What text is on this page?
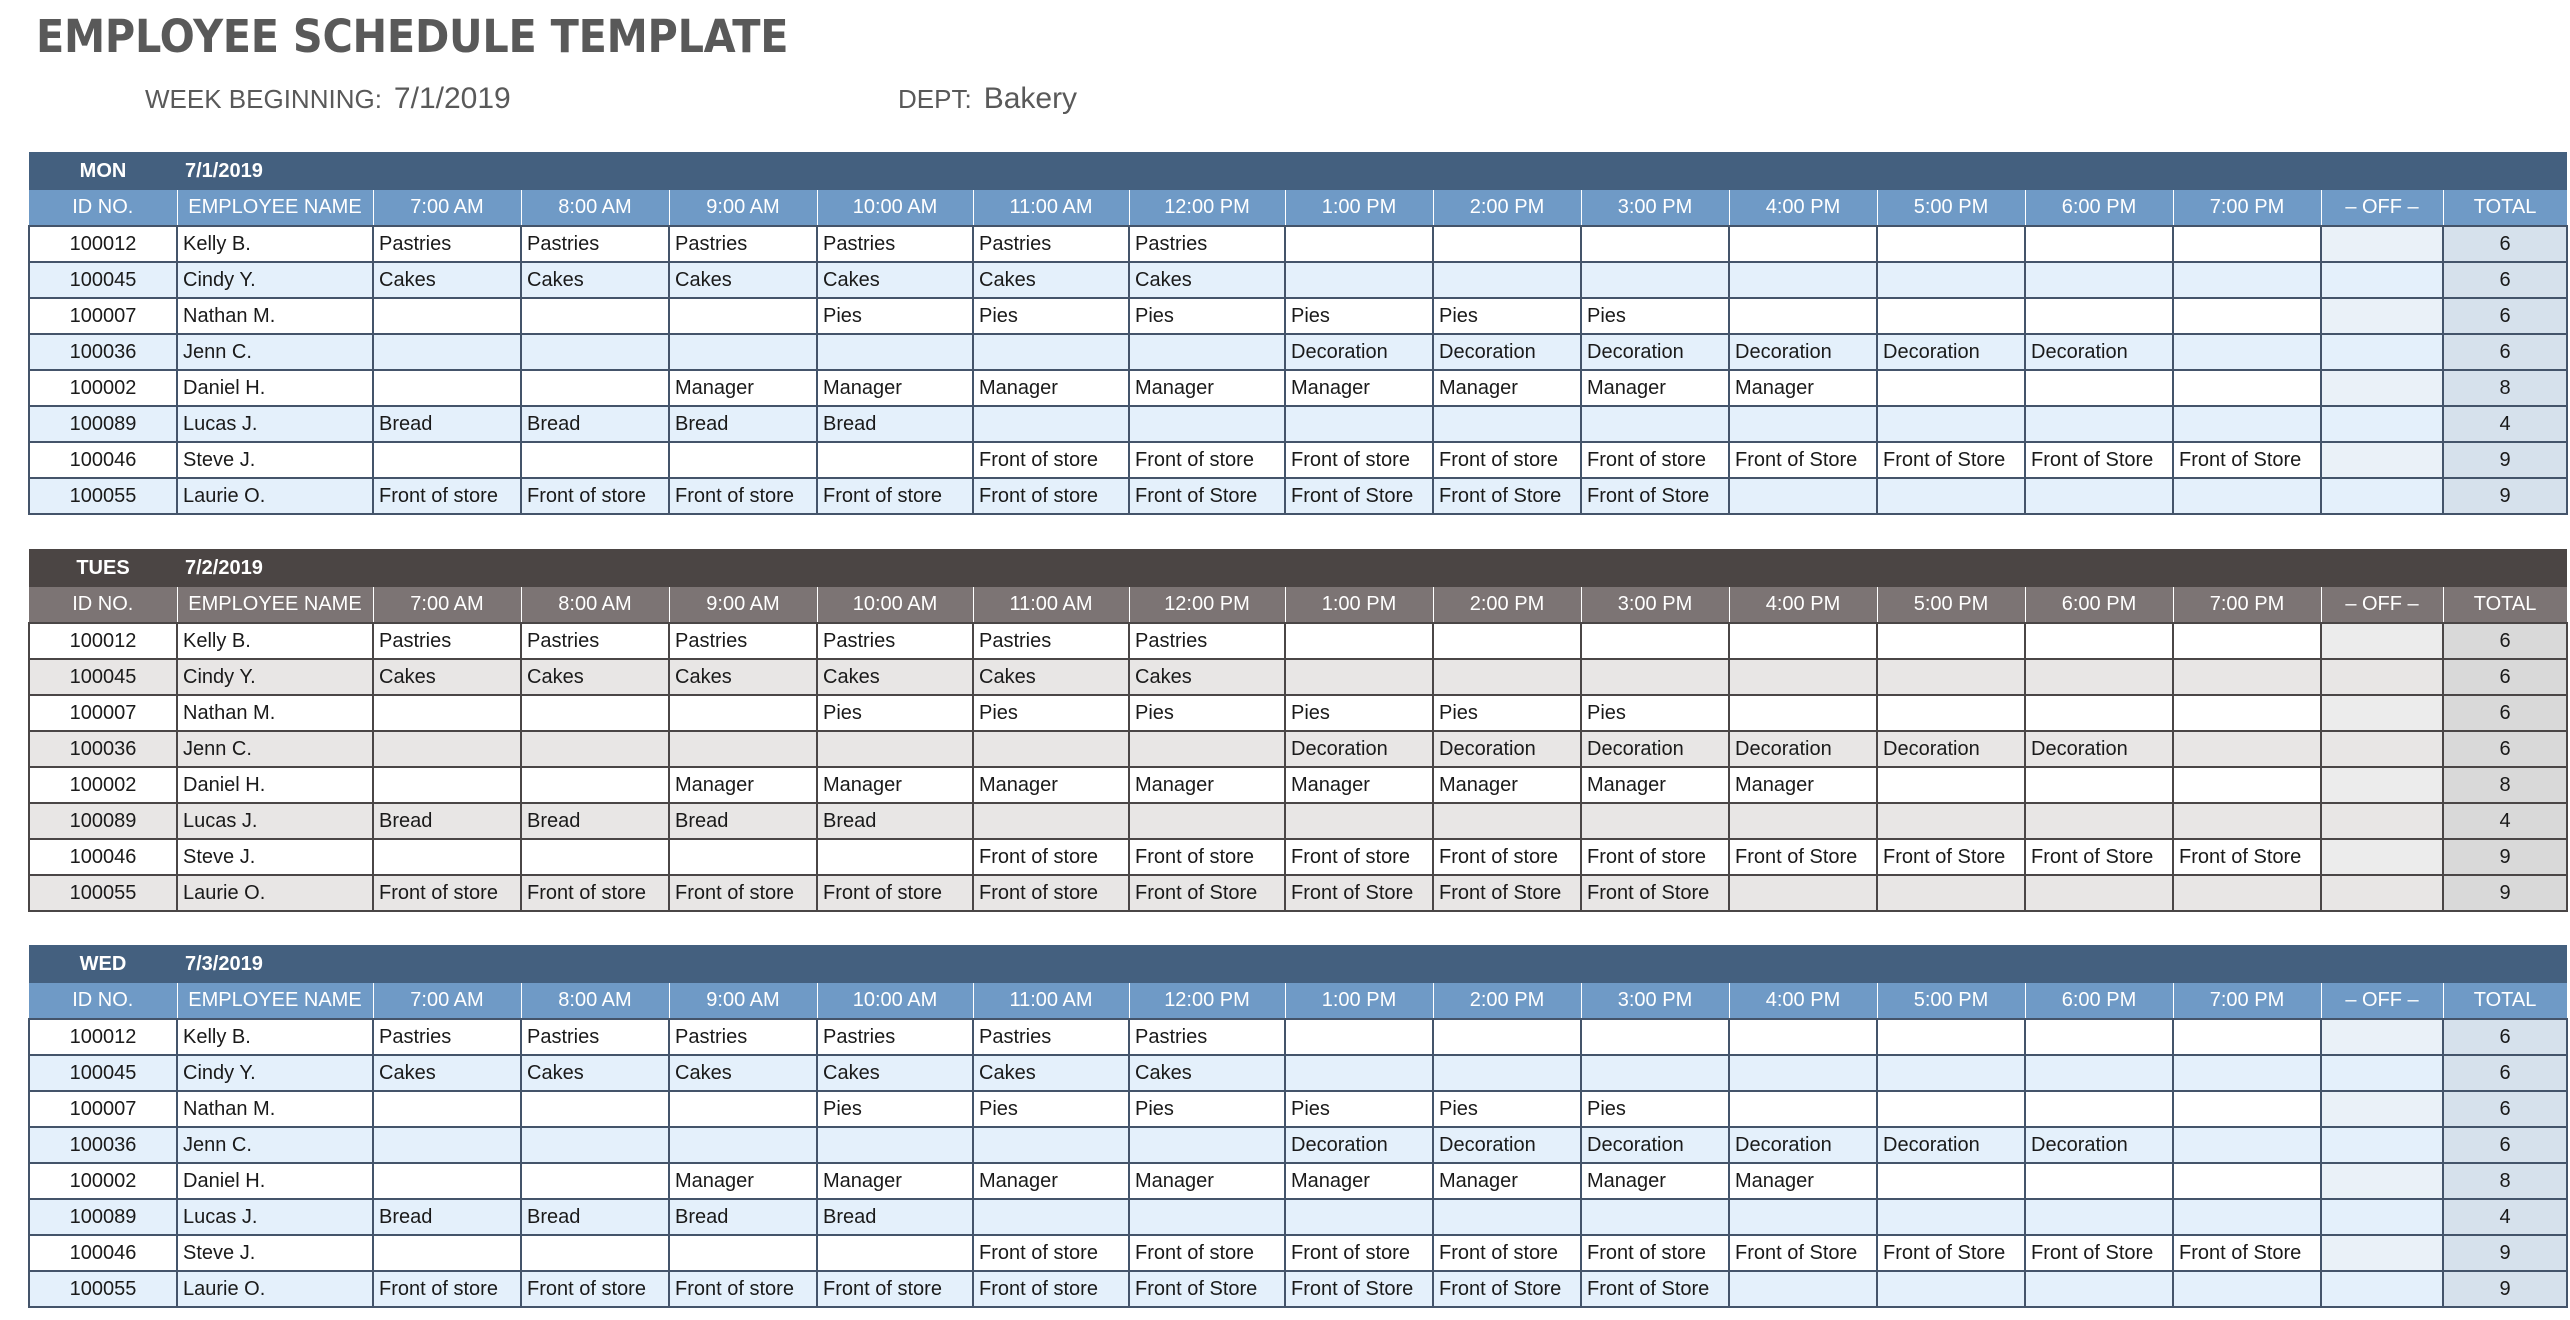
EMPLOYEE SCHEDULE TEMPLATE
WEEK BEGINNING: 7/1/2019	DEPT: Bakery
MON	7/1/2019															
ID NO.	EMPLOYEE NAME	7:00 AM	8:00 AM	9:00 AM	10:00 AM	11:00 AM	12:00 PM	1:00 PM	2:00 PM	3:00 PM	4:00 PM	5:00 PM	6:00 PM	7:00 PM	– OFF –	TOTAL
100012	Kelly B.	Pastries	Pastries	Pastries	Pastries	Pastries	Pastries									6
100045	Cindy Y.	Cakes	Cakes	Cakes	Cakes	Cakes	Cakes									6
100007	Nathan M.				Pies	Pies	Pies	Pies	Pies	Pies						6
100036	Jenn C.							Decoration	Decoration	Decoration	Decoration	Decoration	Decoration			6
100002	Daniel H.			Manager	Manager	Manager	Manager	Manager	Manager	Manager	Manager					8
100089	Lucas J.	Bread	Bread	Bread	Bread											4
100046	Steve J.					Front of store	Front of store	Front of store	Front of store	Front of store	Front of Store	Front of Store	Front of Store	Front of Store		9
100055	Laurie O.	Front of store	Front of store	Front of store	Front of store	Front of store	Front of Store	Front of Store	Front of Store	Front of Store						9
TUES	7/2/2019															
ID NO.	EMPLOYEE NAME	7:00 AM	8:00 AM	9:00 AM	10:00 AM	11:00 AM	12:00 PM	1:00 PM	2:00 PM	3:00 PM	4:00 PM	5:00 PM	6:00 PM	7:00 PM	– OFF –	TOTAL
100012	Kelly B.	Pastries	Pastries	Pastries	Pastries	Pastries	Pastries									6
100045	Cindy Y.	Cakes	Cakes	Cakes	Cakes	Cakes	Cakes									6
100007	Nathan M.				Pies	Pies	Pies	Pies	Pies	Pies						6
100036	Jenn C.							Decoration	Decoration	Decoration	Decoration	Decoration	Decoration			6
100002	Daniel H.			Manager	Manager	Manager	Manager	Manager	Manager	Manager	Manager					8
100089	Lucas J.	Bread	Bread	Bread	Bread											4
100046	Steve J.					Front of store	Front of store	Front of store	Front of store	Front of store	Front of Store	Front of Store	Front of Store	Front of Store		9
100055	Laurie O.	Front of store	Front of store	Front of store	Front of store	Front of store	Front of Store	Front of Store	Front of Store	Front of Store						9
WED	7/3/2019															
ID NO.	EMPLOYEE NAME	7:00 AM	8:00 AM	9:00 AM	10:00 AM	11:00 AM	12:00 PM	1:00 PM	2:00 PM	3:00 PM	4:00 PM	5:00 PM	6:00 PM	7:00 PM	– OFF –	TOTAL
100012	Kelly B.	Pastries	Pastries	Pastries	Pastries	Pastries	Pastries									6
100045	Cindy Y.	Cakes	Cakes	Cakes	Cakes	Cakes	Cakes									6
100007	Nathan M.				Pies	Pies	Pies	Pies	Pies	Pies						6
100036	Jenn C.							Decoration	Decoration	Decoration	Decoration	Decoration	Decoration			6
100002	Daniel H.			Manager	Manager	Manager	Manager	Manager	Manager	Manager	Manager					8
100089	Lucas J.	Bread	Bread	Bread	Bread											4
100046	Steve J.					Front of store	Front of store	Front of store	Front of store	Front of store	Front of Store	Front of Store	Front of Store	Front of Store		9
100055	Laurie O.	Front of store	Front of store	Front of store	Front of store	Front of store	Front of Store	Front of Store	Front of Store	Front of Store						9
